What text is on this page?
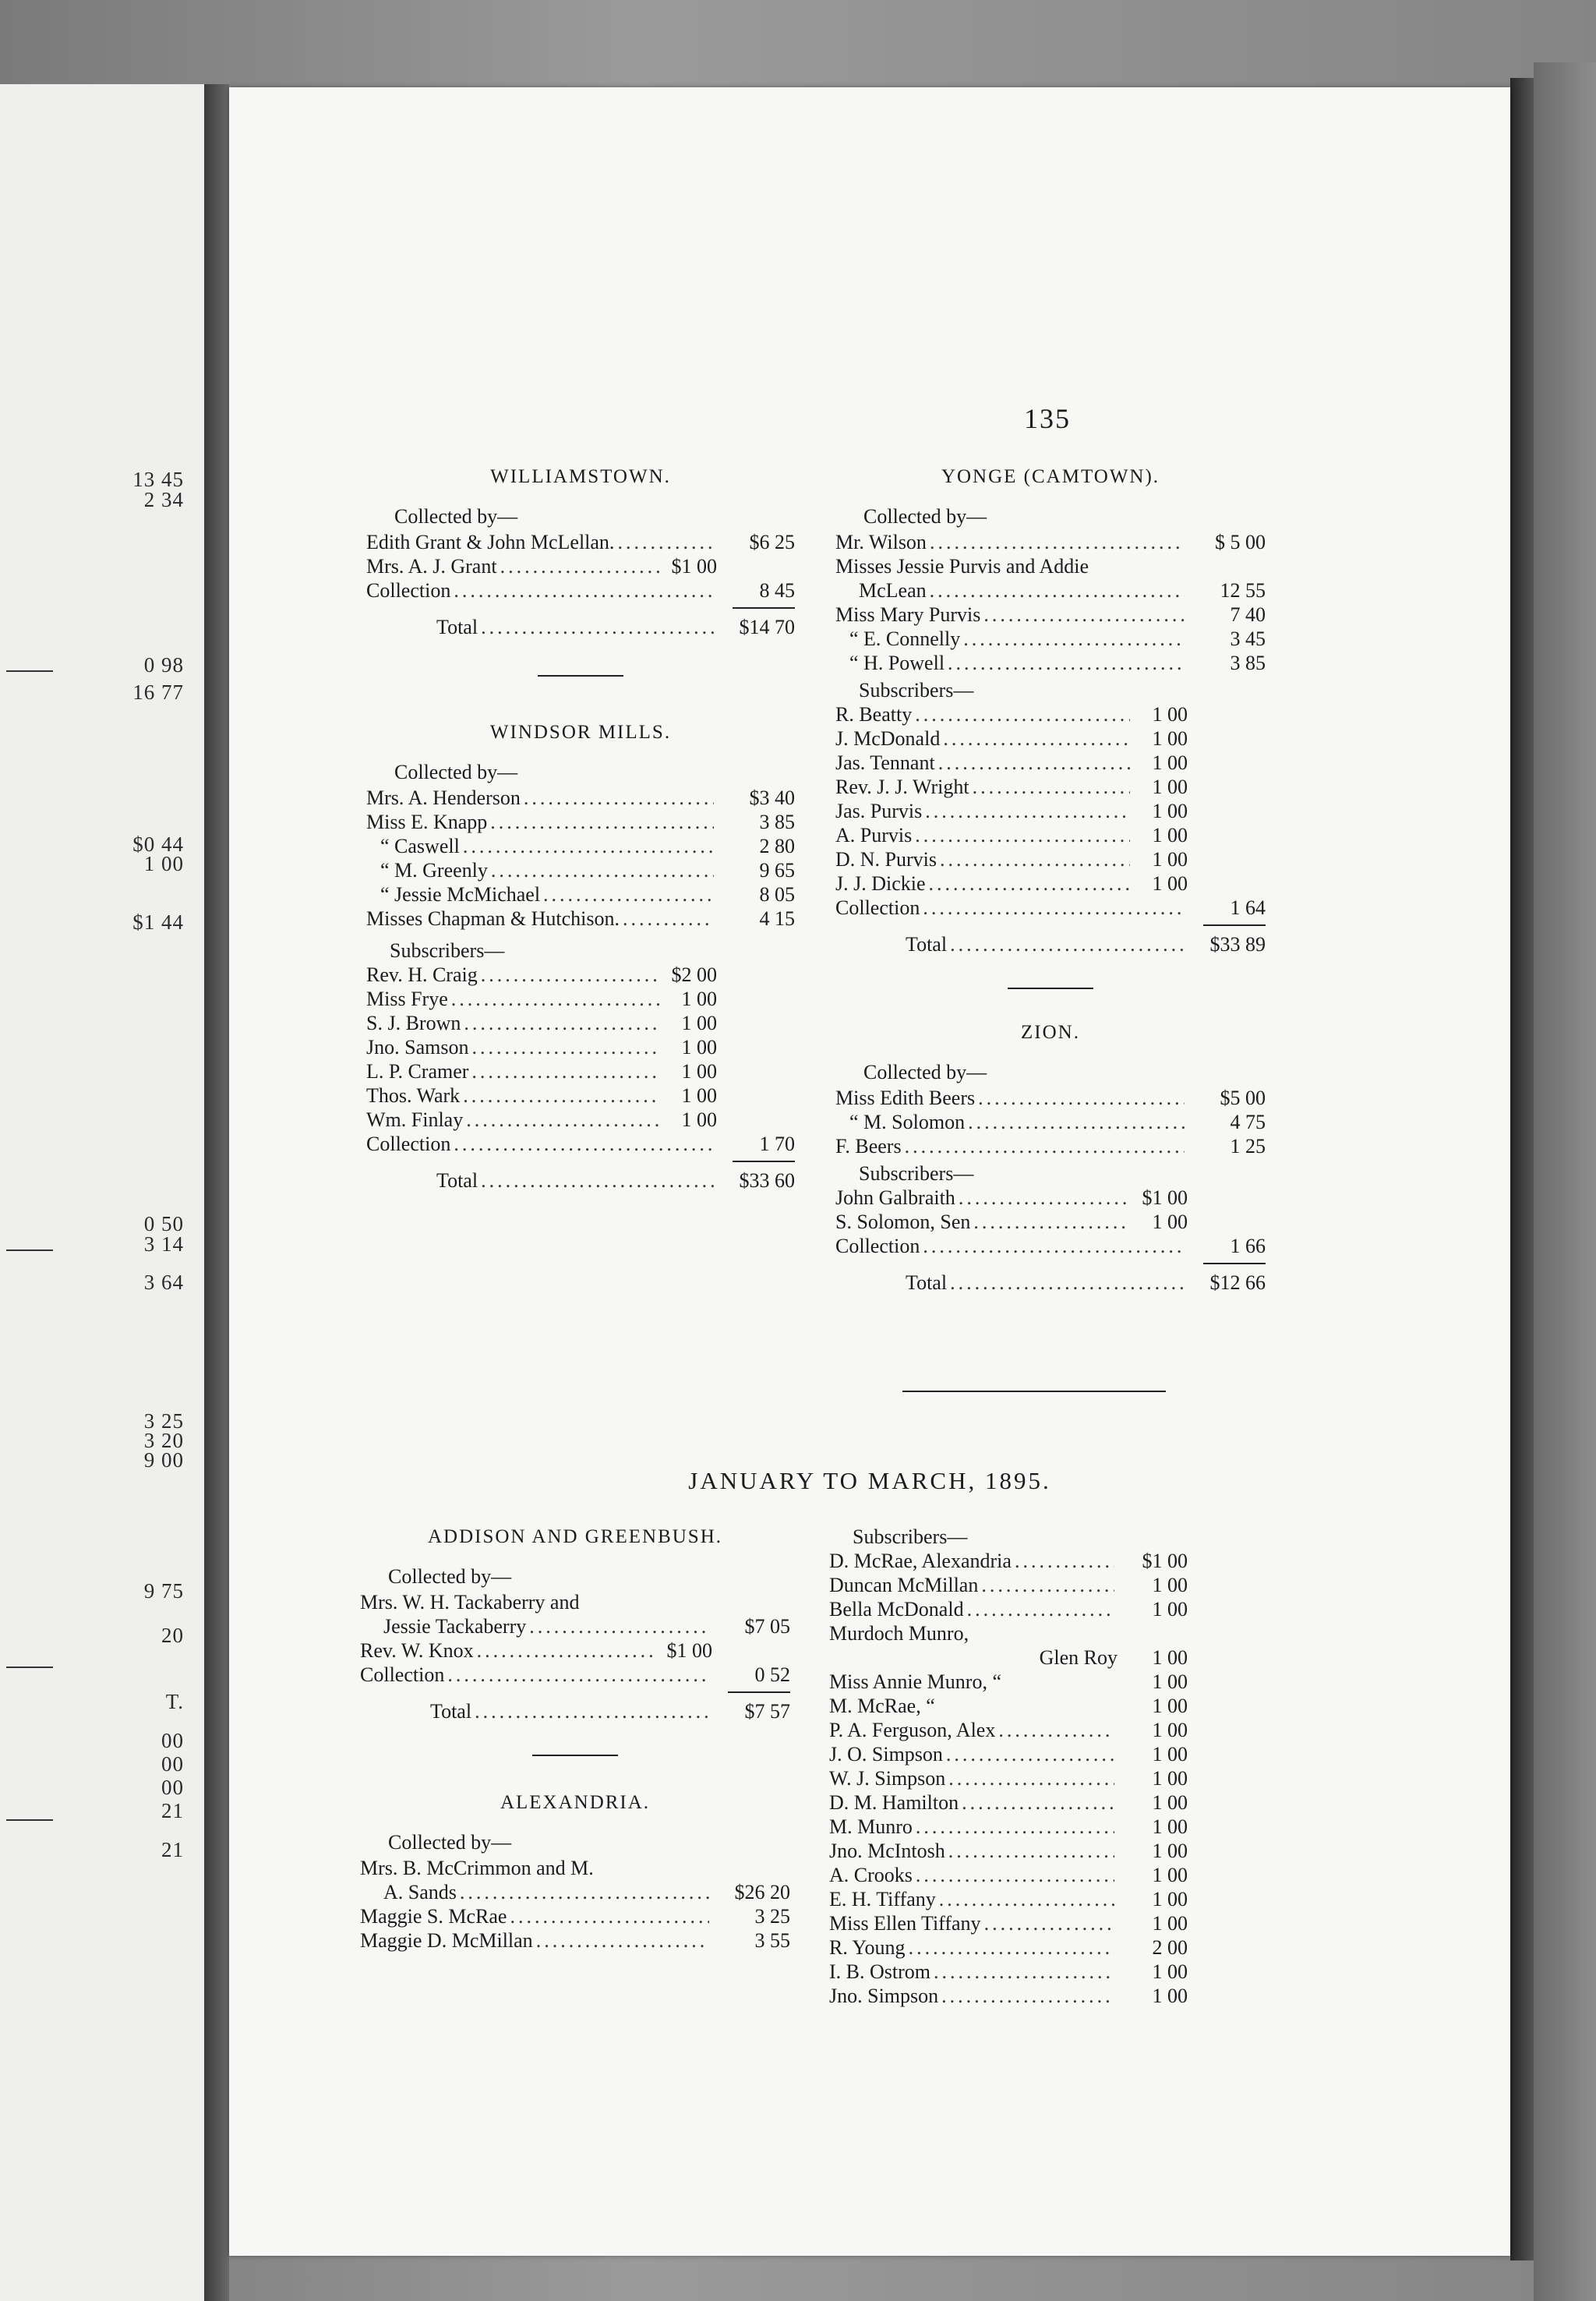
13 45
2 34
0 98
16 77
$0 44
1 00
$1 44
0 50
3 14
3 64
3 25
3 20
9 00
9 75
20
T.
00
00
00
21
21
135
WILLIAMSTOWN.
Collected by—
Edith Grant & John McLellan. .....	$6 25
Mrs. A. J. Grant .....	$1 00
Collection .....	8 45
Total .....	$14 70
WINDSOR MILLS.
Collected by—
Mrs. A. Henderson .....	$3 40
Miss E. Knapp .....	3 85
“ Caswell .....	2 80
“ M. Greenly .....	9 65
“ Jessie McMichael .....	8 05
Misses Chapman & Hutchison. .....	4 15
Subscribers—
Rev. H. Craig .....	$2 00
Miss Frye .....	1 00
S. J. Brown .....	1 00
Jno. Samson .....	1 00
L. P. Cramer .....	1 00
Thos. Wark .....	1 00
Wm. Finlay .....	1 00
Collection .....	1 70
Total .....	$33 60
YONGE (CAMTOWN).
Collected by—
Mr. Wilson .....	$ 5 00
Misses Jessie Purvis and Addie
McLean .....	12 55
Miss Mary Purvis .....	7 40
“ E. Connelly .....	3 45
“ H. Powell .....	3 85
Subscribers—
R. Beatty .....	1 00
J. McDonald .....	1 00
Jas. Tennant .....	1 00
Rev. J. J. Wright .....	1 00
Jas. Purvis .....	1 00
A. Purvis .....	1 00
D. N. Purvis .....	1 00
J. J. Dickie .....	1 00
Collection .....	1 64
Total .....	$33 89
ZION.
Collected by—
Miss Edith Beers .....	$5 00
“ M. Solomon .....	4 75
F. Beers .....	1 25
Subscribers—
John Galbraith .....	$1 00
S. Solomon, Sen .....	1 00
Collection .....	1 66
Total .....	$12 66
JANUARY TO MARCH, 1895.
ADDISON AND GREENBUSH.
Collected by—
Mrs. W. H. Tackaberry and
Jessie Tackaberry .....	$7 05
Rev. W. Knox .....	$1 00
Collection .....	0 52
Total .....	$7 57
ALEXANDRIA.
Collected by—
Mrs. B. McCrimmon and M.
A. Sands .....	$26 20
Maggie S. McRae .....	3 25
Maggie D. McMillan .....	3 55
Subscribers—
D. McRae, Alexandria .....	$1 00
Duncan McMillan .....	1 00
Bella McDonald .....	1 00
Murdoch Munro,
Glen Roy	1 00
Miss Annie Munro, “	1 00
M. McRae, “	1 00
P. A. Ferguson, Alex .....	1 00
J. O. Simpson .....	1 00
W. J. Simpson .....	1 00
D. M. Hamilton .....	1 00
M. Munro .....	1 00
Jno. McIntosh .....	1 00
A. Crooks .....	1 00
E. H. Tiffany .....	1 00
Miss Ellen Tiffany .....	1 00
R. Young .....	2 00
I. B. Ostrom .....	1 00
Jno. Simpson .....	1 00
